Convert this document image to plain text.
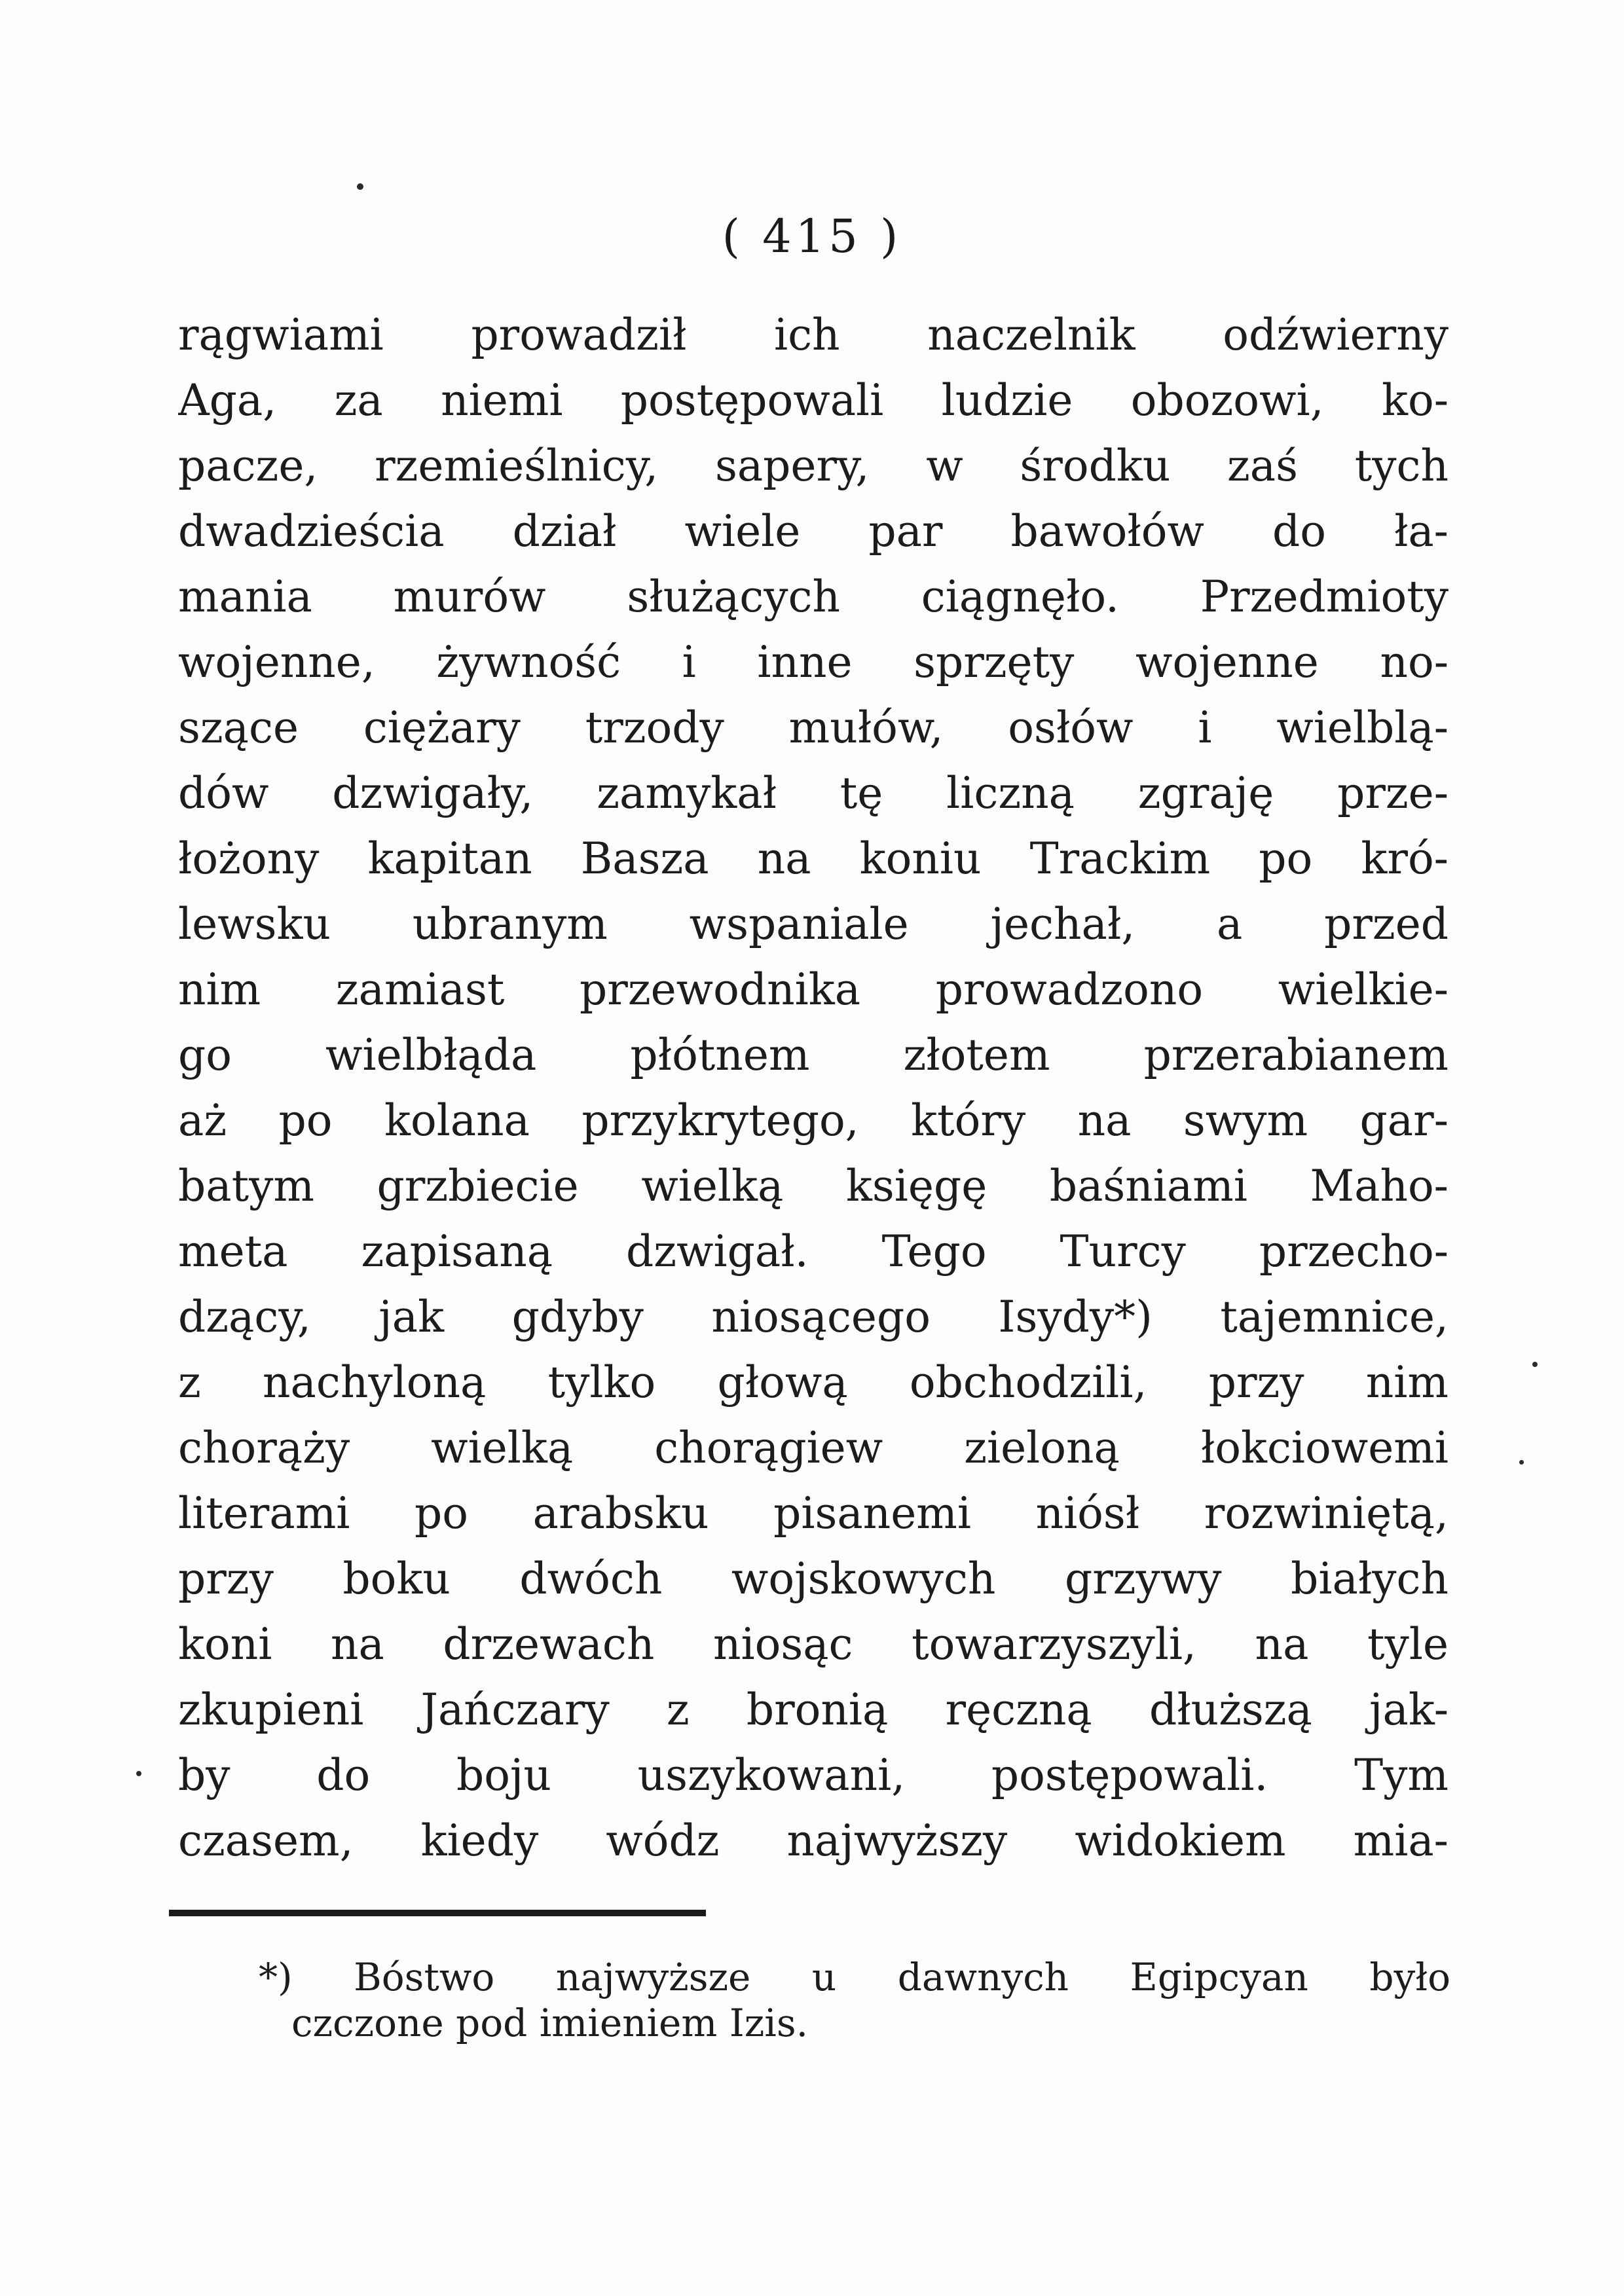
( 415 )
rągwiami prowadził ich naczelnik odźwierny
Aga, za niemi postępowali ludzie obozowi, ko-
pacze, rzemieślnicy, sapery, w środku zaś tych
dwadzieścia dział wiele par bawołów do ła-
mania murów służących ciągnęło. Przedmioty
wojenne, żywność i inne sprzęty wojenne no-
szące ciężary trzody mułów, osłów i wielblą-
dów dzwigały, zamykał tę liczną zgraję prze-
łożony kapitan Basza na koniu Trackim po kró-
lewsku ubranym wspaniale jechał, a przed
nim zamiast przewodnika prowadzono wielkie-
go wielbłąda płótnem złotem przerabianem
aż po kolana przykrytego, który na swym gar-
batym grzbiecie wielką księgę baśniami Maho-
meta zapisaną dzwigał. Tego Turcy przecho-
dzący, jak gdyby niosącego Isydy*) tajemnice,
z nachyloną tylko głową obchodzili, przy nim
chorąży wielką chorągiew zieloną łokciowemi
literami po arabsku pisanemi niósł rozwiniętą,
przy boku dwóch wojskowych grzywy białych
koni na drzewach niosąc towarzyszyli, na tyle
zkupieni Jańczary z bronią ręczną dłuższą jak-
by do boju uszykowani, postępowali. Tym
czasem, kiedy wódz najwyższy widokiem mia-
*) Bóstwo najwyższe u dawnych Egipcyan było
czczone pod imieniem Izis.
